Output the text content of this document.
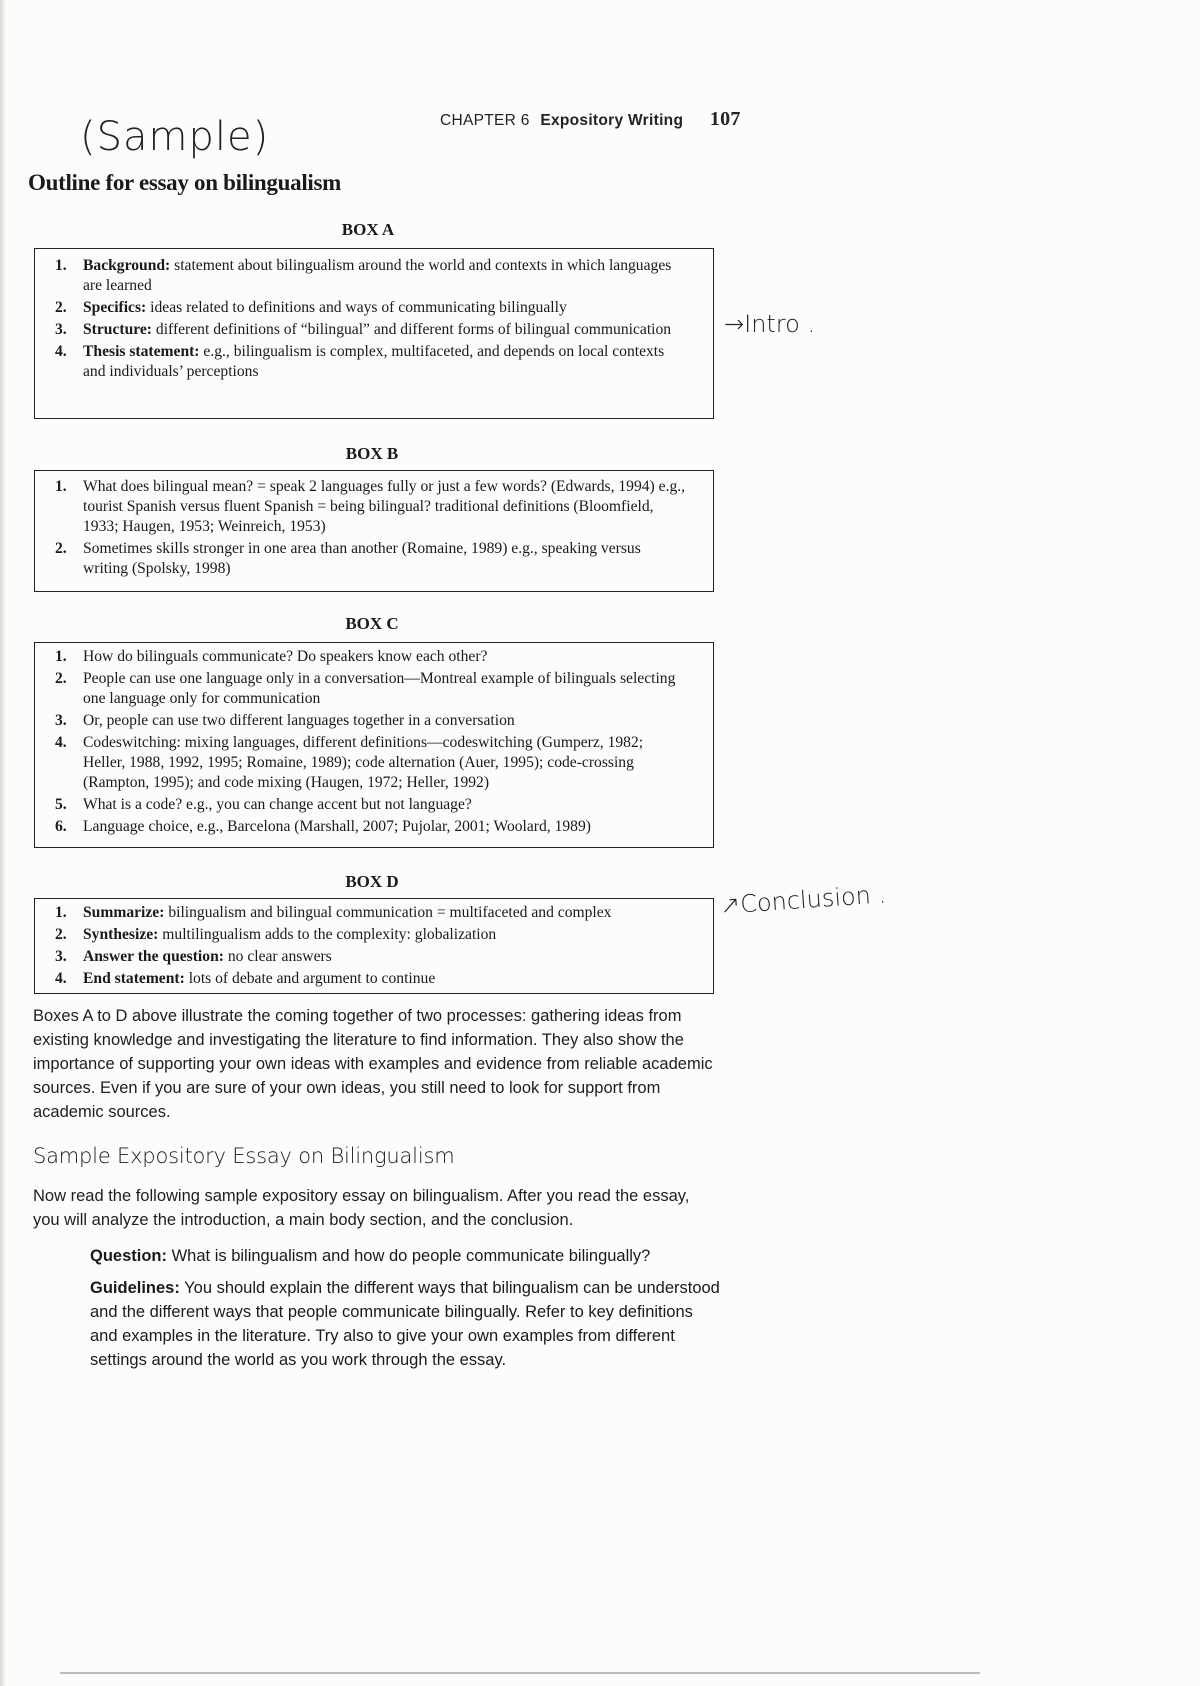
(Sample)
→Intro .
↗Conclusion .
CHAPTER 6 Expository Writing 107
Outline for essay on bilingualism
BOX A
1. Background: statement about bilingualism around the world and contexts in which languages are learned
2. Specifics: ideas related to definitions and ways of communicating bilingually
3. Structure: different definitions of “bilingual” and different forms of bilingual communication
4. Thesis statement: e.g., bilingualism is complex, multifaceted, and depends on local contexts and individuals’ perceptions
BOX B
1. What does bilingual mean? = speak 2 languages fully or just a few words? (Edwards, 1994) e.g., tourist Spanish versus fluent Spanish = being bilingual? traditional definitions (Bloomfield, 1933; Haugen, 1953; Weinreich, 1953)
2. Sometimes skills stronger in one area than another (Romaine, 1989) e.g., speaking versus writing (Spolsky, 1998)
BOX C
1. How do bilinguals communicate? Do speakers know each other?
2. People can use one language only in a conversation—Montreal example of bilinguals selecting one language only for communication
3. Or, people can use two different languages together in a conversation
4. Codeswitching: mixing languages, different definitions—codeswitching (Gumperz, 1982; Heller, 1988, 1992, 1995; Romaine, 1989); code alternation (Auer, 1995); code-crossing (Rampton, 1995); and code mixing (Haugen, 1972; Heller, 1992)
5. What is a code? e.g., you can change accent but not language?
6. Language choice, e.g., Barcelona (Marshall, 2007; Pujolar, 2001; Woolard, 1989)
BOX D
1. Summarize: bilingualism and bilingual communication = multifaceted and complex
2. Synthesize: multilingualism adds to the complexity: globalization
3. Answer the question: no clear answers
4. End statement: lots of debate and argument to continue
Boxes A to D above illustrate the coming together of two processes: gathering ideas from existing knowledge and investigating the literature to find information. They also show the importance of supporting your own ideas with examples and evidence from reliable academic sources. Even if you are sure of your own ideas, you still need to look for support from academic sources.
Sample Expository Essay on Bilingualism
Now read the following sample expository essay on bilingualism. After you read the essay, you will analyze the introduction, a main body section, and the conclusion.
Question: What is bilingualism and how do people communicate bilingually?
Guidelines: You should explain the different ways that bilingualism can be understood and the different ways that people communicate bilingually. Refer to key definitions and examples in the literature. Try also to give your own examples from different settings around the world as you work through the essay.
